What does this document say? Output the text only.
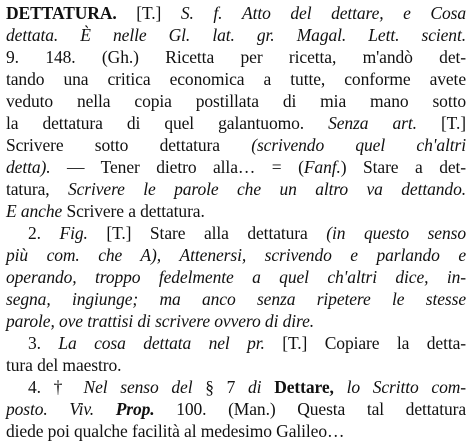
DETTATURA. [T.] S. f. Atto del dettare, e Cosa
dettata. È nelle Gl. lat. gr. Magal. Lett. scient.
9. 148. (Gh.) Ricetta per ricetta, m'andò det-
tando una critica economica a tutte, conforme avete
veduto nella copia postillata di mia mano sotto
la dettatura di quel galantuomo. Senza art. [T.]
Scrivere sotto dettatura (scrivendo quel ch'altri
detta). — Tener dietro alla… = (Fanf.) Stare a det-
tatura, Scrivere le parole che un altro va dettando.
E anche Scrivere a dettatura.
2. Fig. [T.] Stare alla dettatura (in questo senso
più com. che A), Attenersi, scrivendo e parlando e
operando, troppo fedelmente a quel ch'altri dice, in-
segna, ingiunge; ma anco senza ripetere le stesse
parole, ove trattisi di scrivere ovvero di dire.
3. La cosa dettata nel pr. [T.] Copiare la detta-
tura del maestro.
4. † Nel senso del § 7 di Dettare, lo Scritto com-
posto. Viv. Prop. 100. (Man.) Questa tal dettatura
diede poi qualche facilità al medesimo Galileo…
